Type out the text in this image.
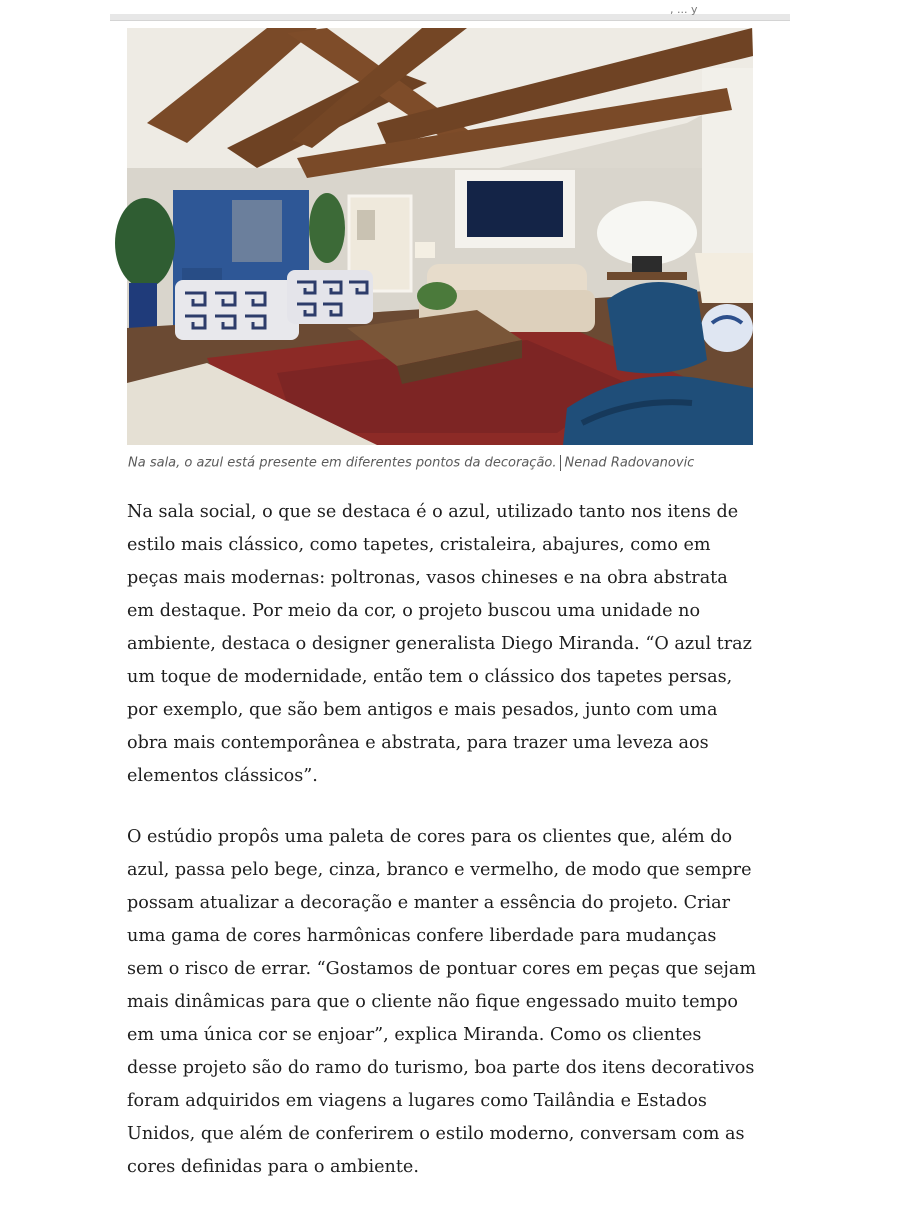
, ... y
Na sala, o azul está presente em diferentes pontos da decoração. Nenad Radovanovic

Na sala social, o que se destaca é o azul, utilizado tanto nos itens de estilo mais clássico, como tapetes, cristaleira, abajures, como em peças mais modernas: poltronas, vasos chineses e na obra abstrata em destaque. Por meio da cor, o projeto buscou uma unidade no ambiente, destaca o designer generalista Diego Miranda. “O azul traz um toque de modernidade, então tem o clássico dos tapetes persas, por exemplo, que são bem antigos e mais pesados, junto com uma obra mais contemporânea e abstrata, para trazer uma leveza aos elementos clássicos”.

O estúdio propôs uma paleta de cores para os clientes que, além do azul, passa pelo bege, cinza, branco e vermelho, de modo que sempre possam atualizar a decoração e manter a essência do projeto. Criar uma gama de cores harmônicas confere liberdade para mudanças sem o risco de errar. “Gostamos de pontuar cores em peças que sejam mais dinâmicas para que o cliente não fique engessado muito tempo em uma única cor se enjoar”, explica Miranda. Como os clientes desse projeto são do ramo do turismo, boa parte dos itens decorativos foram adquiridos em viagens a lugares como Tailândia e Estados Unidos, que além de conferirem o estilo moderno, conversam com as cores definidas para o ambiente.
